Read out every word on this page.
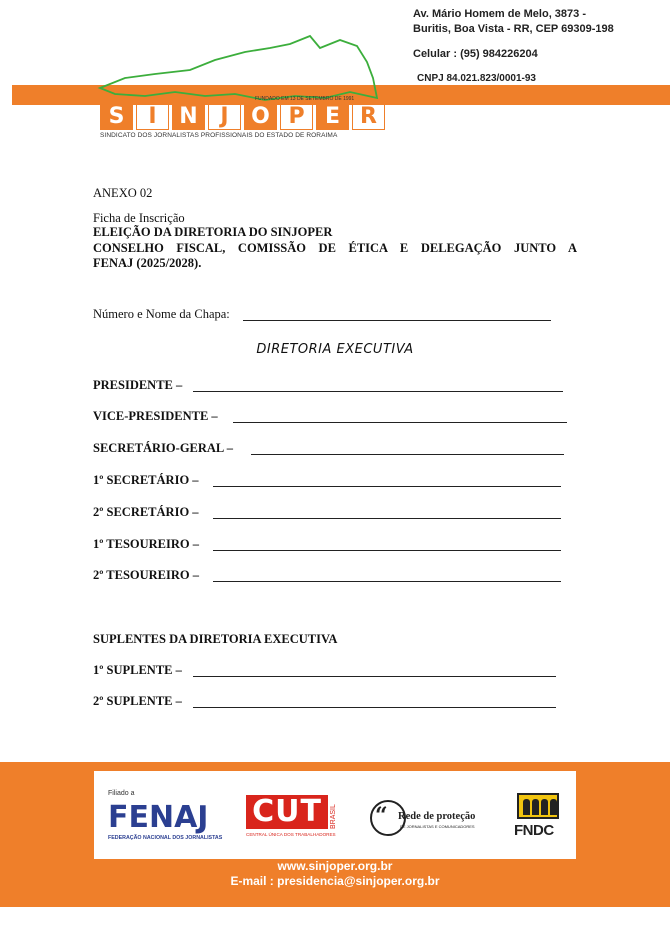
Av. Mário Homem de Melo, 3873 -
Buritis, Boa Vista - RR, CEP 69309-198
Celular : (95) 984226204
CNPJ 84.021.823/0001-93
FUNDADO EM 13 DE SETEMBRO DE 1991
S	I	N	J	O P E R
SINDICATO DOS JORNALISTAS PROFISSIONAIS DO ESTADO DE RORAIMA
ANEXO 02
Ficha de Inscrição
ELEIÇÃO DA DIRETORIA DO SINJOPER
CONSELHO FISCAL, COMISSÃO DE ÉTICA E DELEGAÇÃO JUNTO A
FENAJ (2025/2028).
Número e Nome da Chapa:
DIRETORIA EXECUTIVA
PRESIDENTE –
VICE-PRESIDENTE –
SECRETÁRIO-GERAL –
1º SECRETÁRIO –
2º SECRETÁRIO –
1º TESOUREIRO –
2º TESOUREIRO –
SUPLENTES DA DIRETORIA EXECUTIVA
1º SUPLENTE –
2º SUPLENTE –
Filiado a
FENAJ
FEDERAÇÃO NACIONAL DOS JORNALISTAS
CUT	BRASIL
CENTRAL ÚNICA DOS TRABALHADORES
“ Rede de proteção
DE JORNALISTAS E COMUNICADORES	FNDC
www.sinjoper.org.br
E-mail : presidencia@sinjoper.org.br
